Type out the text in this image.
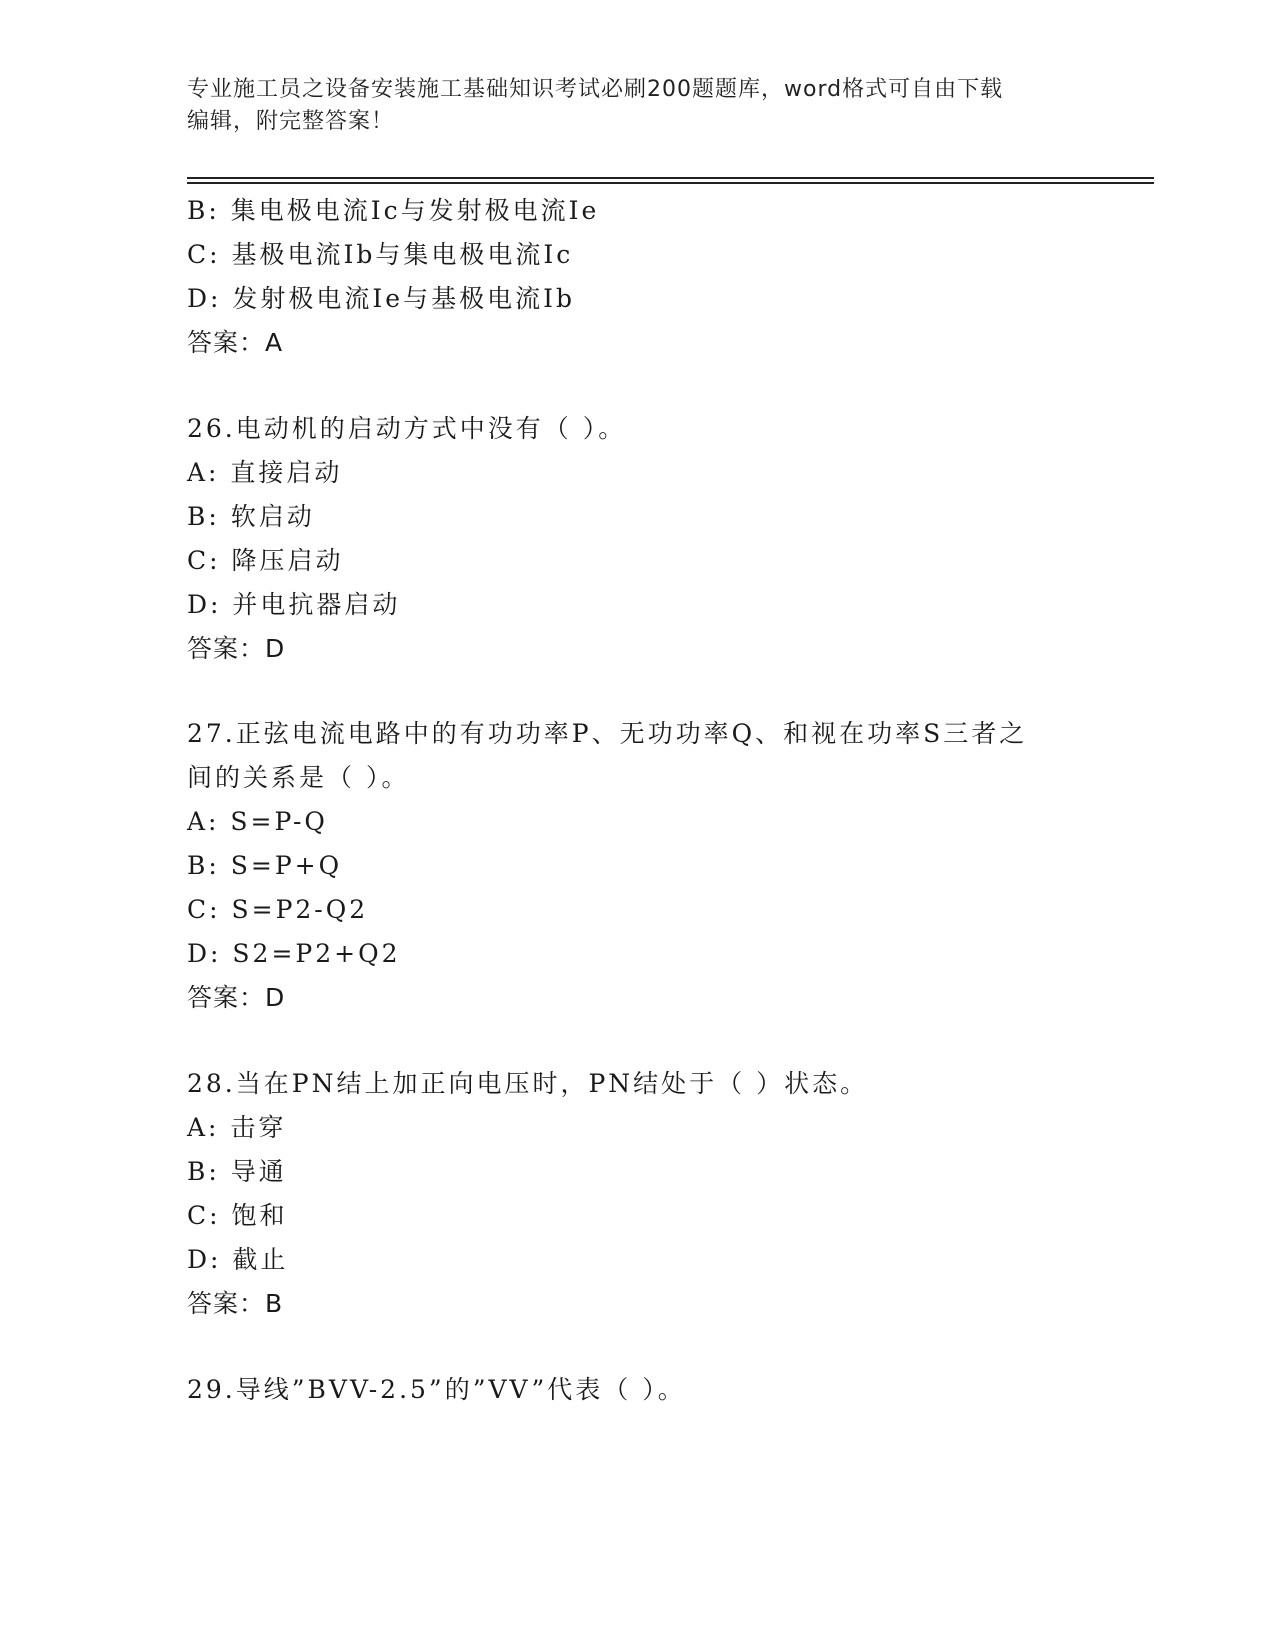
专业施工员之设备安装施工基础知识考试必刷200题题库，word格式可自由下载
编辑，附完整答案！
B: 集电极电流Ic与发射极电流Ie
C: 基极电流Ib与集电极电流Ic
D: 发射极电流Ie与基极电流Ib
答案：A
26.电动机的启动方式中没有（ ）。
A: 直接启动
B: 软启动
C: 降压启动
D: 并电抗器启动
答案：D
27.正弦电流电路中的有功功率P、无功功率Q、和视在功率S三者之
间的关系是（ ）。
A: S=P-Q
B: S=P+Q
C: S=P2-Q2
D: S2=P2+Q2
答案：D
28.当在PN结上加正向电压时，PN结处于（ ）状态。
A: 击穿
B: 导通
C: 饱和
D: 截止
答案：B
29.导线”BVV-2.5”的”VV”代表（ ）。
